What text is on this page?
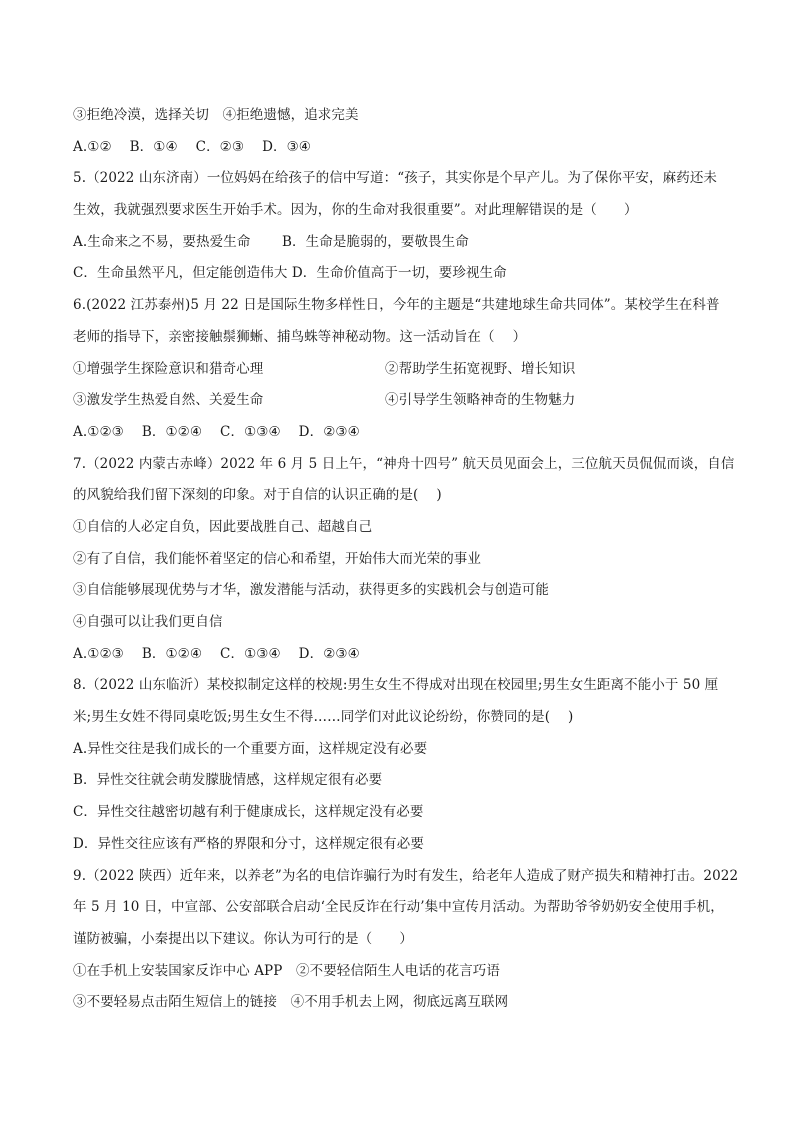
③拒绝冷漠，选择关切　④拒绝遗憾，追求完美
A.①②　 B．①④　 C．②③　 D．③④
5.（2022 山东济南）一位妈妈在给孩子的信中写道：“孩子，其实你是个早产儿。为了保你平安，麻药还未
生效，我就强烈要求医生开始手术。因为，你的生命对我很重要”。对此理解错误的是（　　）
A.生命来之不易，要热爱生命　　 B．生命是脆弱的，要敬畏生命
C．生命虽然平凡，但定能创造伟大 D．生命价值高于一切，要珍视生命
6.(2022 江苏泰州)5 月 22 日是国际生物多样性日，今年的主题是“共建地球生命共同体”。某校学生在科普
老师的指导下，亲密接触鬃狮蜥、捕鸟蛛等神秘动物。这一活动旨在（　 ）
①增强学生探险意识和猎奇心理	②帮助学生拓宽视野、增长知识
③激发学生热爱自然、关爱生命	④引导学生领略神奇的生物魅力
A.①②③　 B．①②④　 C．①③④　 D．②③④
7.（2022 内蒙古赤峰）2022 年 6 月 5 日上午，“神舟十四号” 航天员见面会上，三位航天员侃侃而谈，自信
的风貌给我们留下深刻的印象。对于自信的认识正确的是(　 )
①自信的人必定自负，因此要战胜自己、超越自己
②有了自信，我们能怀着坚定的信心和希望，开始伟大而光荣的事业
③自信能够展现优势与才华，激发潜能与活动，获得更多的实践机会与创造可能
④自强可以让我们更自信
A.①②③　 B．①②④　 C．①③④　 D．②③④
8.（2022 山东临沂）某校拟制定这样的校规:男生女生不得成对出现在校园里;男生女生距离不能小于 50 厘
米;男生女姓不得同桌吃饭;男生女生不得……同学们对此议论纷纷，你赞同的是(　 )
A.异性交往是我们成长的一个重要方面，这样规定没有必要
B．异性交往就会萌发朦胧情感，这样规定很有必要
C．异性交往越密切越有利于健康成长，这样规定没有必要
D．异性交往应该有严格的界限和分寸，这样规定很有必要
9.（2022 陕西）近年来，以养老”为名的电信诈骗行为时有发生，给老年人造成了财产损失和精神打击。2022
年 5 月 10 日，中宣部、公安部联合启动‘全民反诈在行动’集中宣传月活动。为帮助爷爷奶奶安全使用手机，
谨防被骗，小秦提出以下建议。你认为可行的是（　　）
①在手机上安装国家反诈中心 APP　②不要轻信陌生人电话的花言巧语
③不要轻易点击陌生短信上的链接　④不用手机去上网，彻底远离互联网
